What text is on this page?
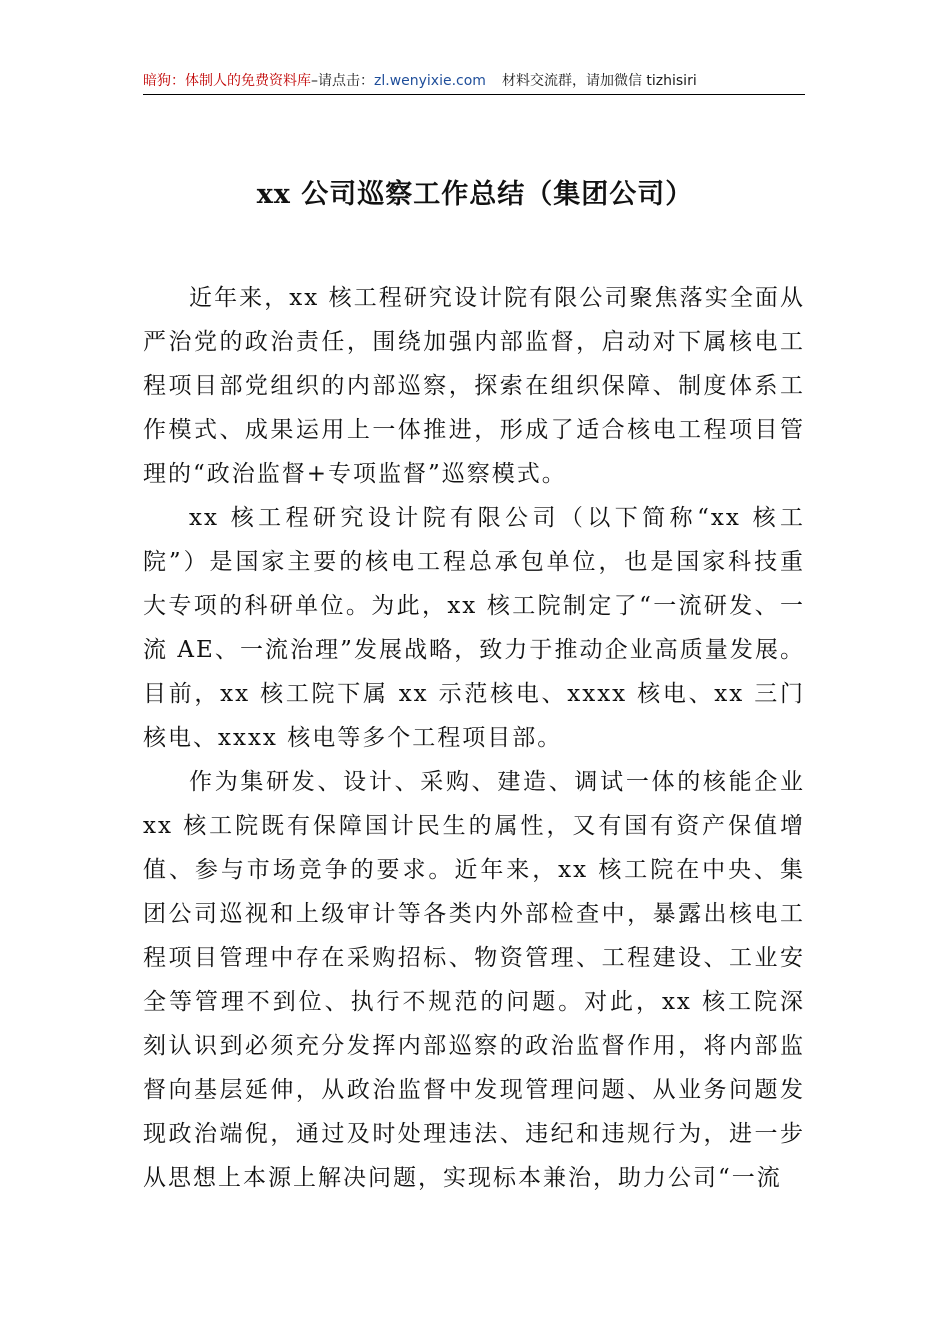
暗狗：体制人的免费资料库–请点击：zl.wenyixie.com 材料交流群，请加微信 tizhisiri
xx 公司巡察工作总结（集团公司）

近年来，xx 核工程研究设计院有限公司聚焦落实全面从严治党的政治责任，围绕加强内部监督，启动对下属核电工程项目部党组织的内部巡察，探索在组织保障、制度体系工作模式、成果运用上一体推进，形成了适合核电工程项目管理的“政治监督+专项监督”巡察模式。

xx 核工程研究设计院有限公司（以下简称“xx 核工院”）是国家主要的核电工程总承包单位，也是国家科技重大专项的科研单位。为此，xx 核工院制定了“一流研发、一流 AE、一流治理”发展战略，致力于推动企业高质量发展。目前，xx 核工院下属 xx 示范核电、xxxx 核电、xx 三门核电、xxxx 核电等多个工程项目部。

作为集研发、设计、采购、建造、调试一体的核能企业 xx 核工院既有保障国计民生的属性，又有国有资产保值增值、参与市场竞争的要求。近年来，xx 核工院在中央、集团公司巡视和上级审计等各类内外部检查中，暴露出核电工程项目管理中存在采购招标、物资管理、工程建设、工业安全等管理不到位、执行不规范的问题。对此，xx 核工院深刻认识到必须充分发挥内部巡察的政治监督作用，将内部监督向基层延伸，从政治监督中发现管理问题、从业务问题发现政治端倪，通过及时处理违法、违纪和违规行为，进一步从思想上本源上解决问题，实现标本兼治，助力公司“一流
